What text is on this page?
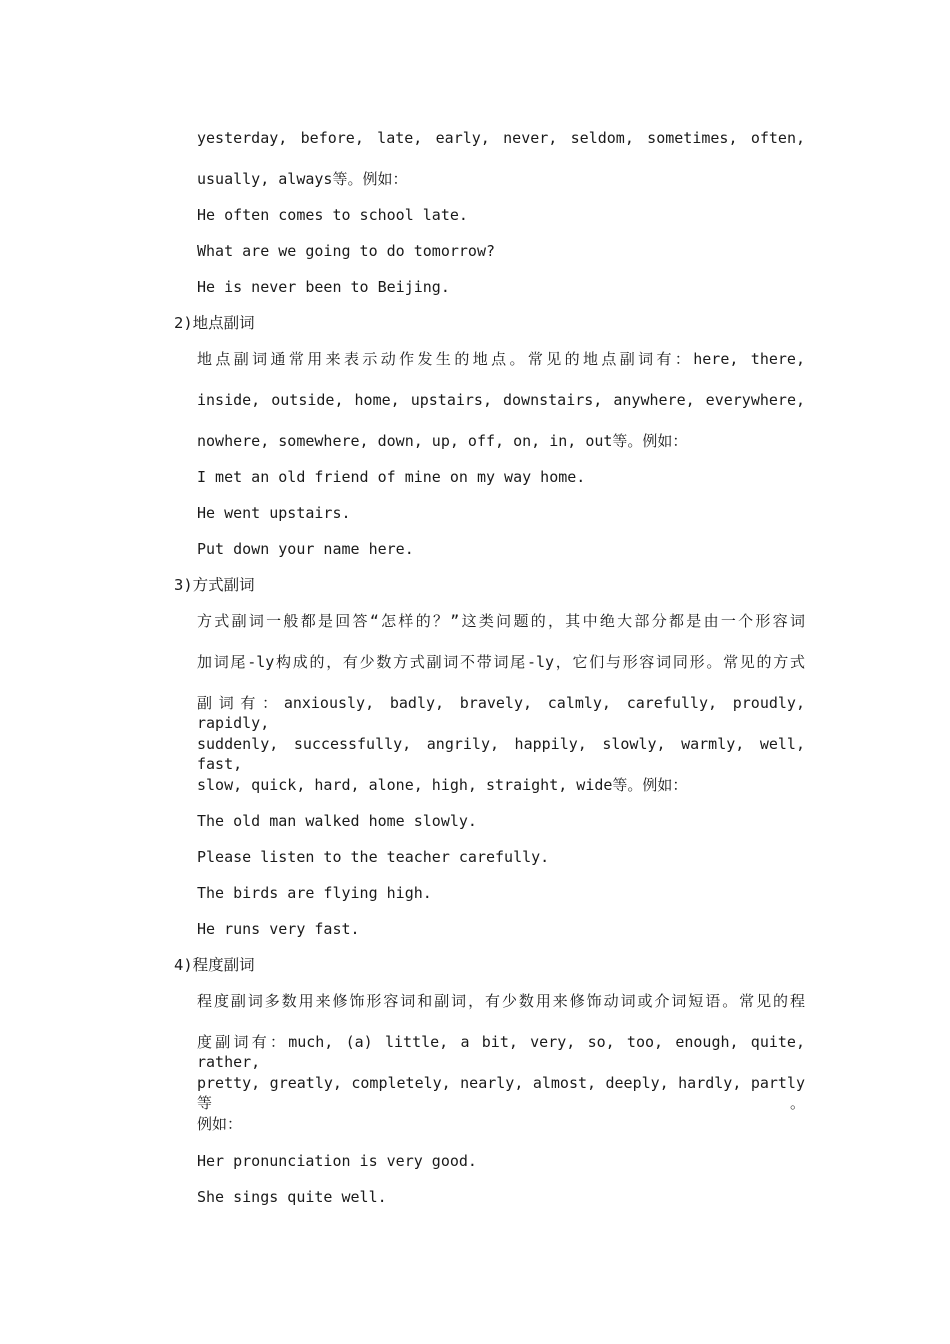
yesterday, before, late, early, never, seldom, sometimes, often,
usually, always等。例如：
He often comes to school late.
What are we going to do tomorrow?
He is never been to Beijing.
2)地点副词
地点副词通常用来表示动作发生的地点。常见的地点副词有：here, there,
inside, outside, home, upstairs, downstairs, anywhere, everywhere,
nowhere, somewhere, down, up, off, on, in, out等。例如：
I met an old friend of mine on my way home.
He went upstairs.
Put down your name here.
3)方式副词
方式副词一般都是回答“怎样的？”这类问题的，其中绝大部分都是由一个形容词
加词尾-ly构成的，有少数方式副词不带词尾-ly，它们与形容词同形。常见的方式
副词有：anxiously, badly, bravely, calmly, carefully, proudly, rapidly,
suddenly, successfully, angrily, happily, slowly, warmly, well, fast,
slow, quick, hard, alone, high, straight, wide等。例如：
The old man walked home slowly.
Please listen to the teacher carefully.
The birds are flying high.
He runs very fast.
4)程度副词
程度副词多数用来修饰形容词和副词，有少数用来修饰动词或介词短语。常见的程
度副词有：much, (a) little, a bit, very, so, too, enough, quite, rather,
pretty, greatly, completely, nearly, almost, deeply, hardly, partly等。
例如：
Her pronunciation is very good.
She sings quite well.
